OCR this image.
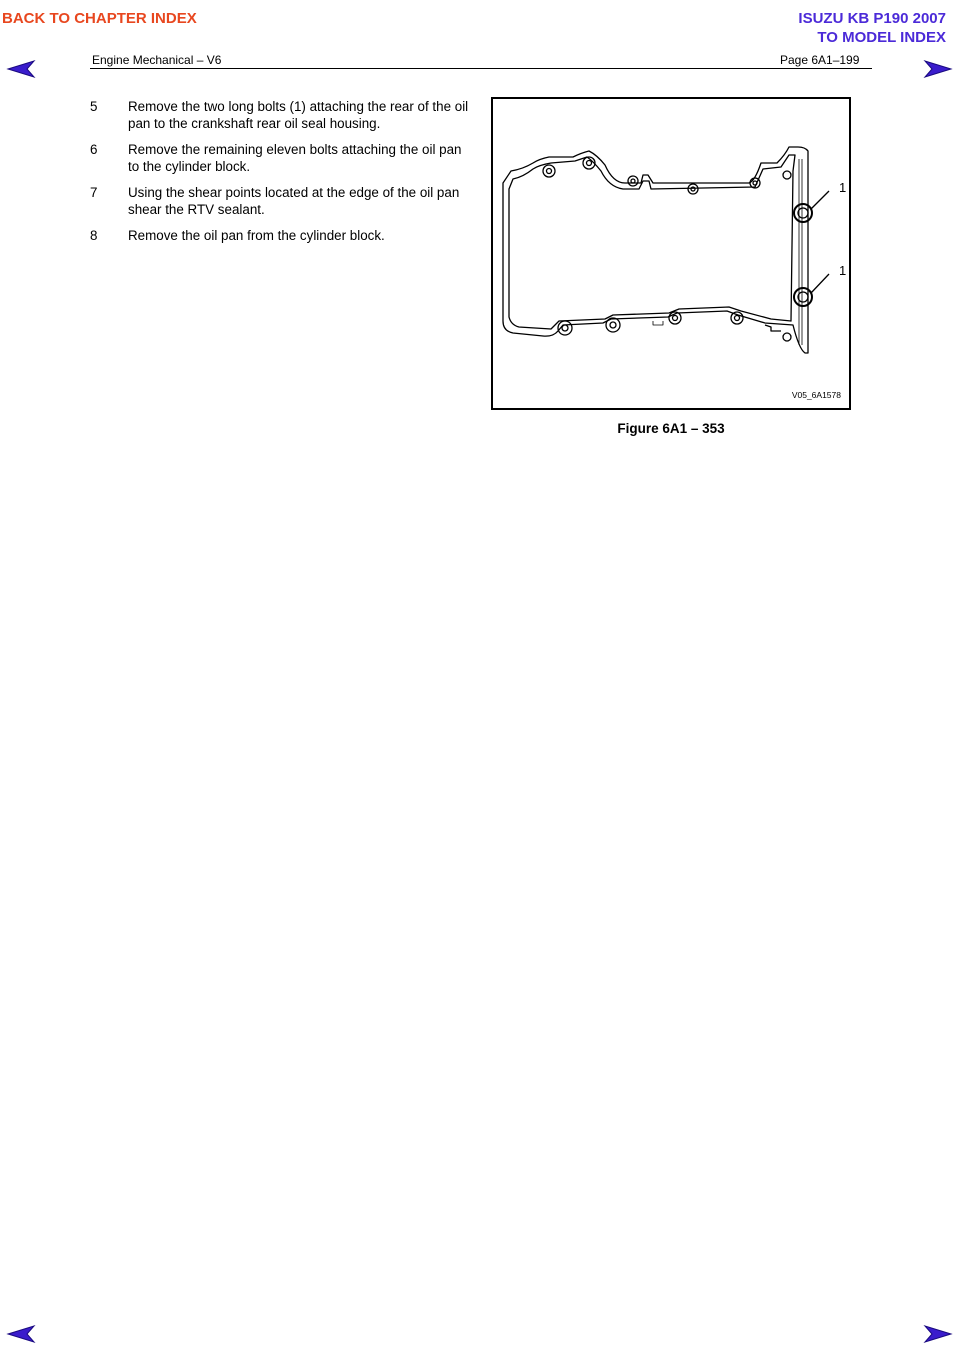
BACK TO CHAPTER INDEX	ISUZU KB P190 2007
TO MODEL INDEX
Engine Mechanical – V6	Page 6A1–199
5 Remove the two long bolts (1) attaching the rear of the oil pan to the crankshaft rear oil seal housing.
6 Remove the remaining eleven bolts attaching the oil pan to the cylinder block.
7 Using the shear points located at the edge of the oil pan shear the RTV sealant.
8 Remove the oil pan from the cylinder block.
1
1
V05_6A1578
Figure 6A1 – 353
